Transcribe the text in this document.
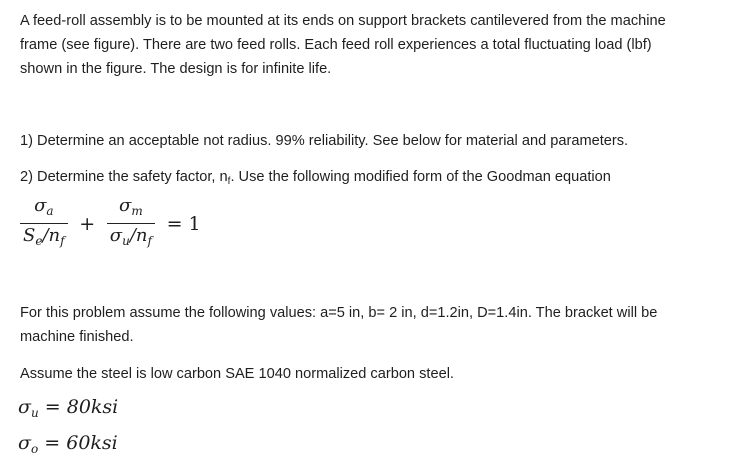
A feed-roll assembly is to be mounted at its ends on support brackets cantilevered from the machine
frame (see figure). There are two feed rolls. Each feed roll experiences a total fluctuating load (lbf)
shown in the figure. The design is for infinite life.
1) Determine an acceptable not radius. 99% reliability. See below for material and parameters.
2) Determine the safety factor, $n_f$. Use the following modified form of the Goodman equation
$\frac{\sigma_a}{S_e/n_f} + \frac{\sigma_m}{\sigma_u/n_f} = 1$
For this problem assume the following values: a=5 in, b= 2 in, d=1.2in, D=1.4in. The bracket will be
machine finished.
Assume the steel is low carbon SAE 1040 normalized carbon steel.
$\sigma_u = 80ksi$
$\sigma_o = 60ksi$
